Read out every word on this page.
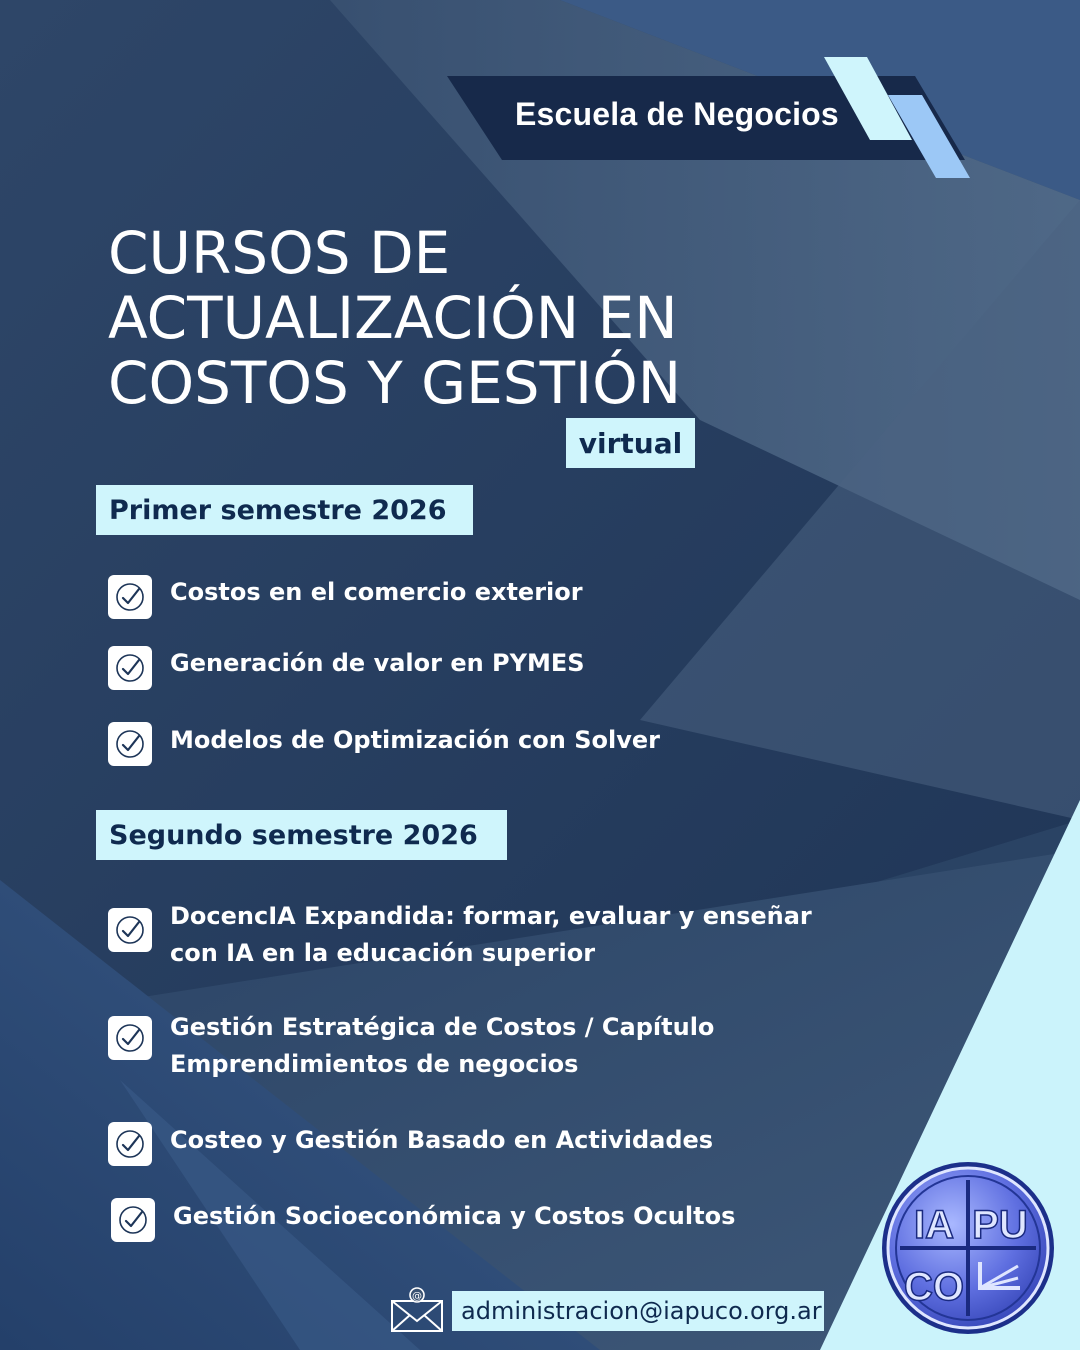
Escuela de Negocios
CURSOS DE
ACTUALIZACIÓN EN
COSTOS Y GESTIÓN
virtual
Primer semestre 2026
Costos en el comercio exterior
Generación de valor en PYMES
Modelos de Optimización con Solver
Segundo semestre 2026
DocencIA Expandida: formar, evaluar y enseñar
con IA en la educación superior
Gestión Estratégica de Costos / Capítulo
Emprendimientos de negocios
Costeo y Gestión Basado en Actividades
Gestión Socioeconómica y Costos Ocultos
@
administracion@iapuco.org.ar
IA PU
CO
